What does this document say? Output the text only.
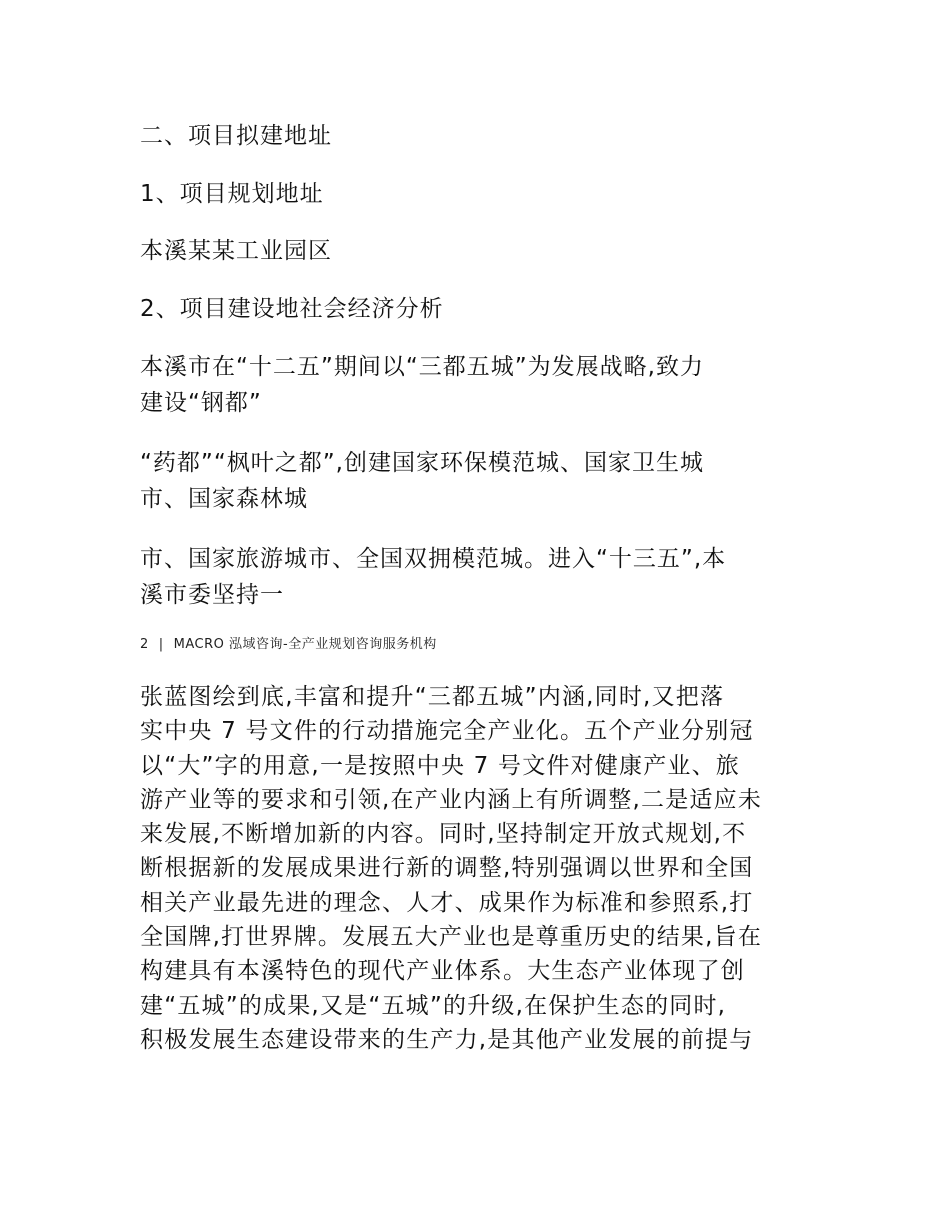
二、项目拟建地址
1、项目规划地址
本溪某某工业园区
2、项目建设地社会经济分析
本溪市在“十二五”期间以“三都五城”为发展战略,致力
建设“钢都”
“药都”“枫叶之都”,创建国家环保模范城、国家卫生城
市、国家森林城
市、国家旅游城市、全国双拥模范城。进入“十三五”,本
溪市委坚持一
2 | MACRO 泓域咨询-全产业规划咨询服务机构
张蓝图绘到底,丰富和提升“三都五城”内涵,同时,又把落
实中央 7 号文件的行动措施完全产业化。五个产业分别冠
以“大”字的用意,一是按照中央 7 号文件对健康产业、旅
游产业等的要求和引领,在产业内涵上有所调整,二是适应未
来发展,不断增加新的内容。同时,坚持制定开放式规划,不
断根据新的发展成果进行新的调整,特别强调以世界和全国
相关产业最先进的理念、人才、成果作为标准和参照系,打
全国牌,打世界牌。发展五大产业也是尊重历史的结果,旨在
构建具有本溪特色的现代产业体系。大生态产业体现了创
建“五城”的成果,又是“五城”的升级,在保护生态的同时,
积极发展生态建设带来的生产力,是其他产业发展的前提与
